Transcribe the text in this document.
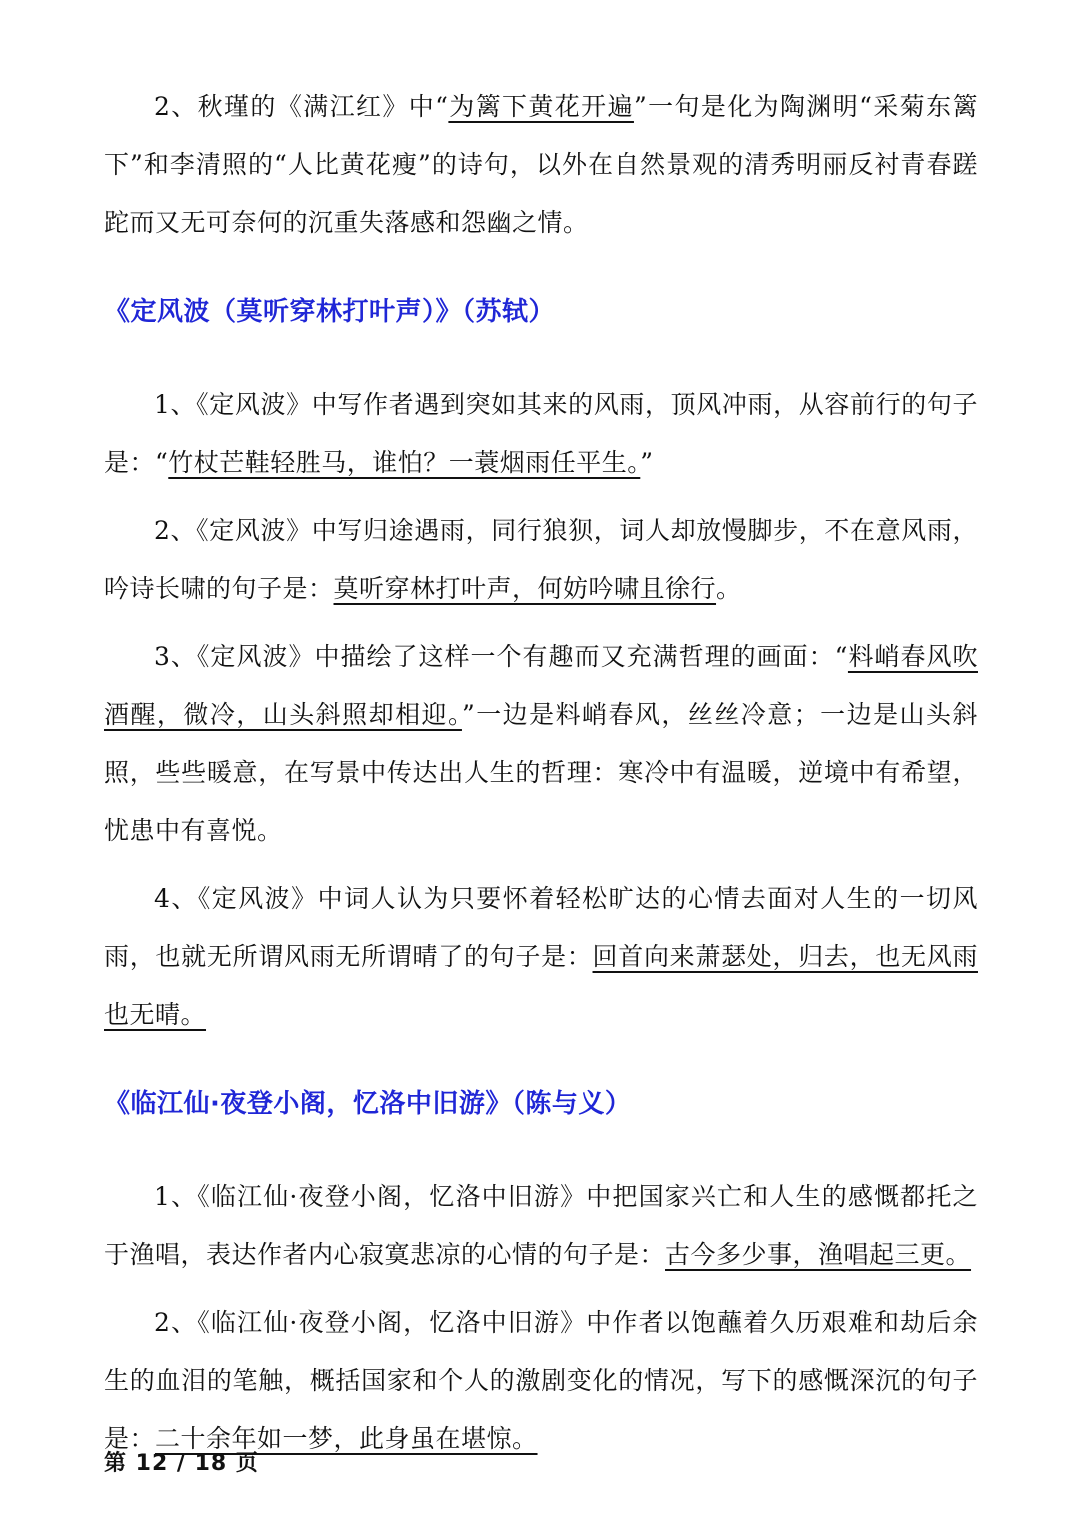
2、秋瑾的《满江红》中“为篱下黄花开遍”一句是化为陶渊明“采菊东篱下”和李清照的“人比黄花瘦”的诗句，以外在自然景观的清秀明丽反衬青春蹉跎而又无可奈何的沉重失落感和怨幽之情。

《定风波（莫听穿林打叶声）》（苏轼）

1、《定风波》中写作者遇到突如其来的风雨，顶风冲雨，从容前行的句子是：“竹杖芒鞋轻胜马，谁怕？一蓑烟雨任平生。”

2、《定风波》中写归途遇雨，同行狼狈，词人却放慢脚步，不在意风雨，吟诗长啸的句子是：莫听穿林打叶声，何妨吟啸且徐行。

3、《定风波》中描绘了这样一个有趣而又充满哲理的画面：“料峭春风吹酒醒，微冷，山头斜照却相迎。”一边是料峭春风，丝丝冷意；一边是山头斜照，些些暖意，在写景中传达出人生的哲理：寒冷中有温暖，逆境中有希望，忧患中有喜悦。

4、《定风波》中词人认为只要怀着轻松旷达的心情去面对人生的一切风雨，也就无所谓风雨无所谓晴了的句子是：回首向来萧瑟处，归去，也无风雨也无晴。

《临江仙·夜登小阁，忆洛中旧游》（陈与义）

1、《临江仙·夜登小阁，忆洛中旧游》中把国家兴亡和人生的感慨都托之于渔唱，表达作者内心寂寞悲凉的心情的句子是：古今多少事，渔唱起三更。

2、《临江仙·夜登小阁，忆洛中旧游》中作者以饱蘸着久历艰难和劫后余生的血泪的笔触，概括国家和个人的激剧变化的情况，写下的感慨深沉的句子是：二十余年如一梦，此身虽在堪惊。

第 12 / 18 页
